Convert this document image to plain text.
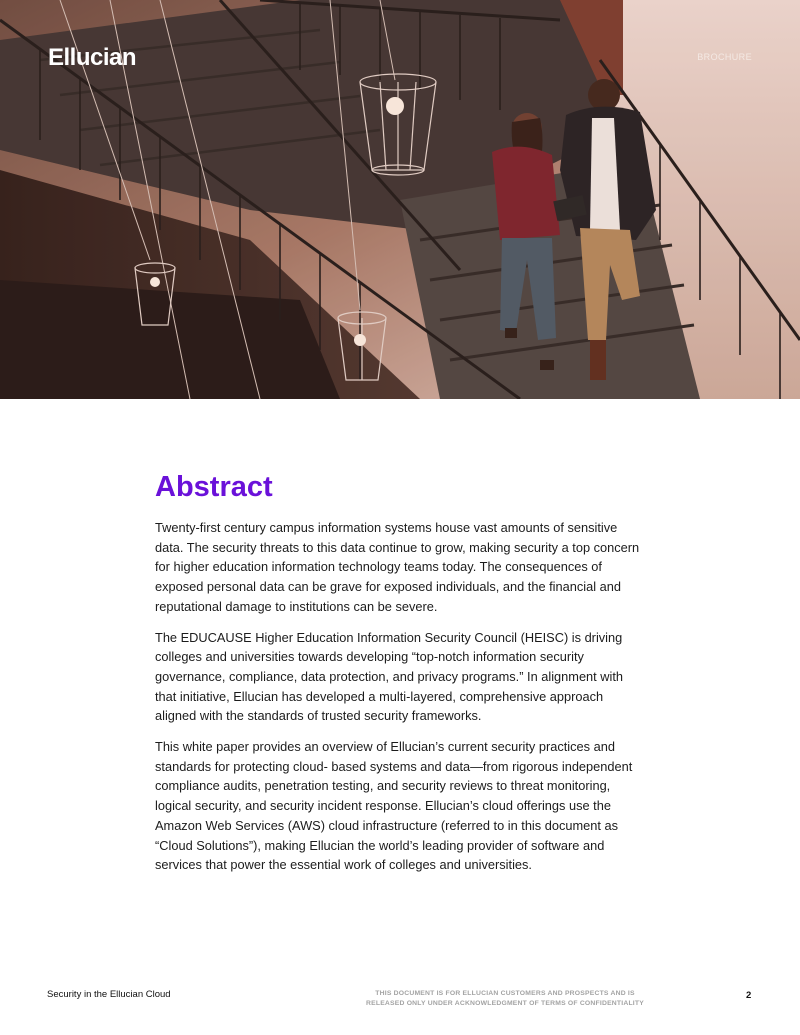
Ellucian	BROCHURE
Abstract

Twenty-first century campus information systems house vast amounts of sensitive data. The security threats to this data continue to grow, making security a top concern for higher education information technology teams today. The consequences of exposed personal data can be grave for exposed individuals, and the financial and reputational damage to institutions can be severe.

The EDUCAUSE Higher Education Information Security Council (HEISC) is driving colleges and universities towards developing “top-notch information security governance, compliance, data protection, and privacy programs.” In alignment with that initiative, Ellucian has developed a multi-layered, comprehensive approach aligned with the standards of trusted security frameworks.

This white paper provides an overview of Ellucian’s current security practices and standards for protecting cloud- based systems and data—from rigorous independent compliance audits, penetration testing, and security reviews to threat monitoring, logical security, and security incident response. Ellucian’s cloud offerings use the Amazon Web Services (AWS) cloud infrastructure (referred to in this document as “Cloud Solutions”), making Ellucian the world’s leading provider of software and services that power the essential work of colleges and universities.

Security in the Ellucian Cloud	THIS DOCUMENT IS FOR ELLUCIAN CUSTOMERS AND PROSPECTS AND IS
RELEASED ONLY UNDER ACKNOWLEDGMENT OF TERMS OF CONFIDENTIALITY
2
